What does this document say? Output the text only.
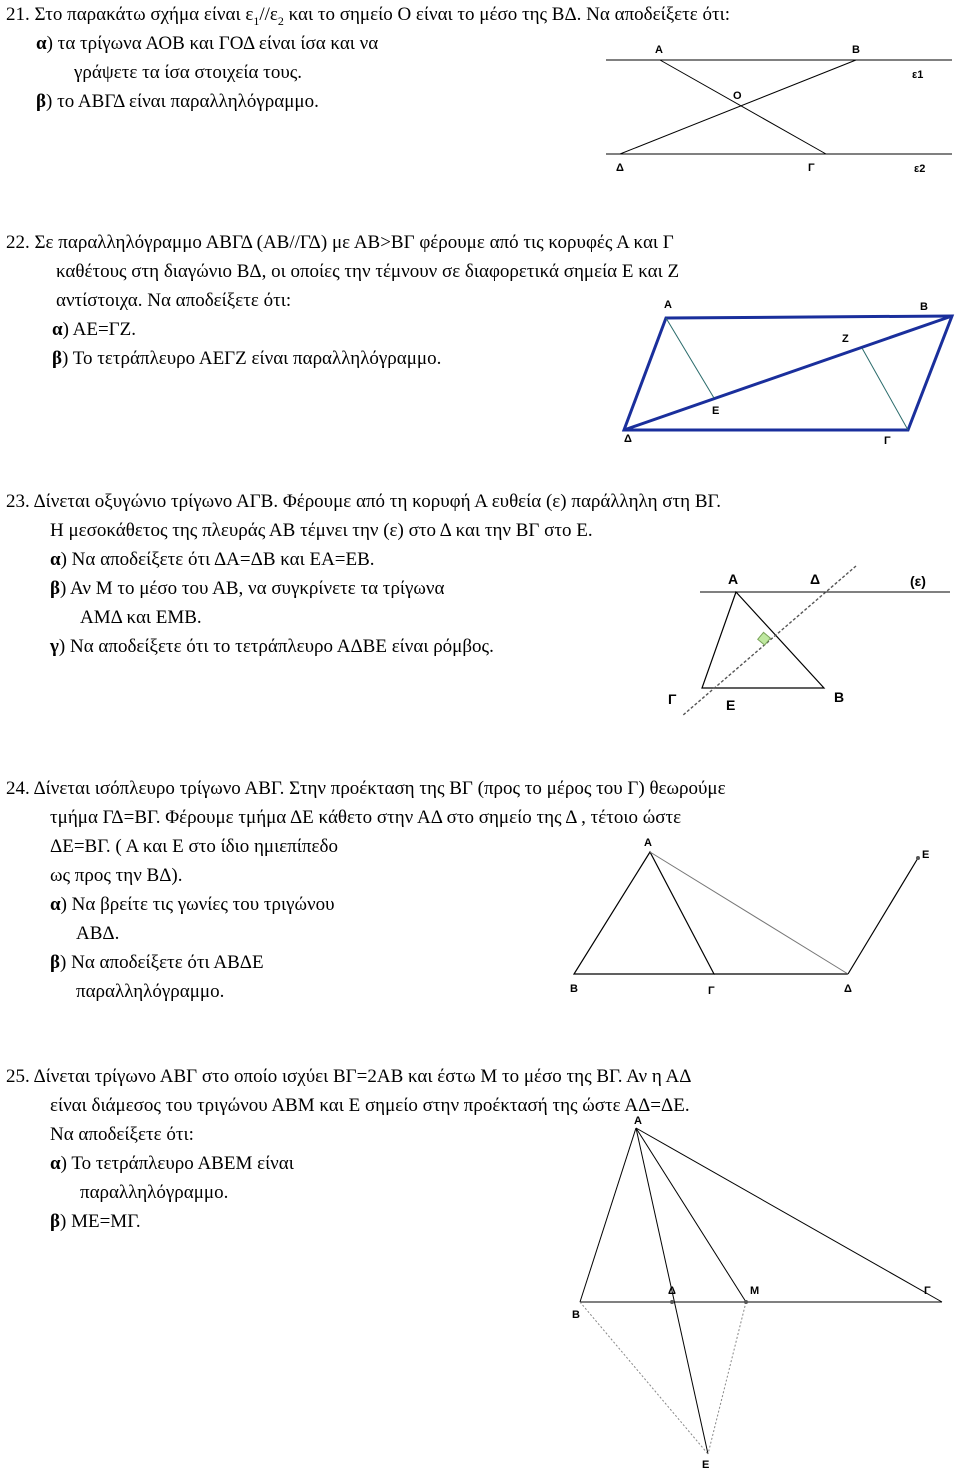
21. Στο παρακάτω σχήμα είναι $\varepsilon_1//\varepsilon_2$ και το σημείο Ο είναι το μέσο της ΒΔ. Να αποδείξετε ότι:
α) τα τρίγωνα ΑΟΒ και ΓΟΔ είναι ίσα και να
γράψετε τα ίσα στοιχεία τους.
β) το ΑΒΓΔ είναι παραλληλόγραμμο.
Α	Β
Ο
Δ	Γ
ε1
ε2
22. Σε παραλληλόγραμμο ΑΒΓΔ (ΑΒ//ΓΔ) με ΑΒ>ΒΓ φέρουμε από τις κορυφές Α και Γ
καθέτους στη διαγώνιο ΒΔ, οι οποίες την τέμνουν σε διαφορετικά σημεία Ε και Ζ
αντίστοιχα. Να αποδείξετε ότι:
α) ΑΕ=ΓΖ.
β) Το τετράπλευρο ΑΕΓΖ είναι παραλληλόγραμμο.
Α	Β
Ζ
Ε
Δ	Γ
23. Δίνεται οξυγώνιο τρίγωνο ΑΓΒ. Φέρουμε από τη κορυφή Α ευθεία (ε) παράλληλη στη ΒΓ.
Η μεσοκάθετος της πλευράς ΑΒ τέμνει την (ε) στο Δ και την ΒΓ στο Ε.
α) Να αποδείξετε ότι ΔΑ=ΔΒ και ΕΑ=ΕΒ.
β) Αν Μ το μέσο του ΑΒ, να συγκρίνετε τα τρίγωνα
ΑΜΔ και ΕΜΒ.
γ) Να αποδείξετε ότι το τετράπλευρο ΑΔΒΕ είναι ρόμβος.
Α	Δ	(ε)
Γ	Ε	Β
24. Δίνεται ισόπλευρο τρίγωνο ΑΒΓ. Στην προέκταση της ΒΓ (προς το μέρος του Γ) θεωρούμε
τμήμα ΓΔ=ΒΓ. Φέρουμε τμήμα ΔΕ κάθετο στην ΑΔ στο σημείο της Δ , τέτοιο ώστε
ΔΕ=ΒΓ. ( Α και Ε στο ίδιο ημιεπίπεδο
ως προς την ΒΔ).
α) Να βρείτε τις γωνίες του τριγώνου
ΑΒΔ.
β) Να αποδείξετε ότι ΑΒΔΕ
παραλληλόγραμμο.
Α
Ε
Β	Γ	Δ
25. Δίνεται τρίγωνο ΑΒΓ στο οποίο ισχύει ΒΓ=2ΑΒ και έστω Μ το μέσο της ΒΓ. Αν η ΑΔ
είναι διάμεσος του τριγώνου ΑΒΜ και Ε σημείο στην προέκτασή της ώστε ΑΔ=ΔΕ.
Να αποδείξετε ότι:
α) Το τετράπλευρο ΑΒΕΜ είναι
παραλληλόγραμμο.
β) ΜΕ=ΜΓ.
A
Δ	M	Γ
B
E
